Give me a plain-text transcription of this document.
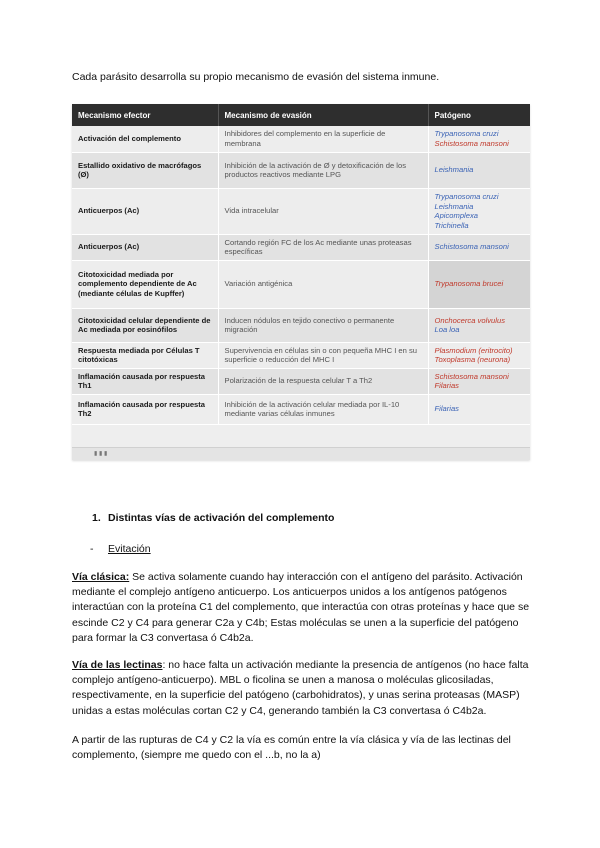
Cada parásito desarrolla su propio mecanismo de evasión del sistema inmune.
Mecanismo efector	Mecanismo de evasión	Patógeno
Activación del complemento	Inhibidores del complemento en la superficie de membrana	Trypanosoma cruzi
Schistosoma mansoni

Estallido oxidativo de macrófagos (Ø)	Inhibición de la activación de Ø y detoxificación de los productos reactivos mediante LPG	Leishmania

Anticuerpos (Ac)	Vida intracelular	Trypanosoma cruzi
Leishmania
Apicomplexa
Trichinella

Anticuerpos (Ac)	Cortando región FC de los Ac mediante unas proteasas específicas	Schistosoma mansoni

Citotoxicidad mediada por complemento dependiente de Ac (mediante células de Kupffer)	Variación antigénica	Trypanosoma brucei

Citotoxicidad celular dependiente de Ac mediada por eosinófilos	Inducen nódulos en tejido conectivo o permanente migración	Onchocerca volvulus
Loa loa

Respuesta mediada por Células T citotóxicas	Supervivencia en células sin o con pequeña MHC I en su superficie o reducción del MHC I	Plasmodium (eritrocito)
Toxoplasma (neurona)

Inflamación causada por respuesta Th1	Polarización de la respuesta celular T a Th2	Schistosoma mansoni
Filarias

Inflamación causada por respuesta Th2	Inhibición de la activación celular mediada por IL-10 mediante varias células inmunes	Filarias
▮ ▮ ▮
1. Distintas vías de activación del complemento
- Evitación
Vía clásica: Se activa solamente cuando hay interacción con el antígeno del parásito. Activación mediante el complejo antígeno anticuerpo. Los anticuerpos unidos a los antígenos patógenos interactúan con la proteína C1 del complemento, que interactúa con otras proteínas y hace que se escinde C2 y C4 para generar C2a y C4b; Estas moléculas se unen a la superficie del patógeno para formar la C3 convertasa ó C4b2a.
Vía de las lectinas: no hace falta un activación mediante la presencia de antígenos (no hace falta complejo antígeno-anticuerpo). MBL o ficolina se unen a manosa o moléculas glicosiladas, respectivamente, en la superficie del patógeno (carbohidratos), y unas serina proteasas (MASP) unidas a estas moléculas cortan C2 y C4, generando también la C3 convertasa ó C4b2a.
A partir de las rupturas de C4 y C2 la vía es común entre la vía clásica y vía de las lectinas del complemento, (siempre me quedo con el ...b, no la a)
